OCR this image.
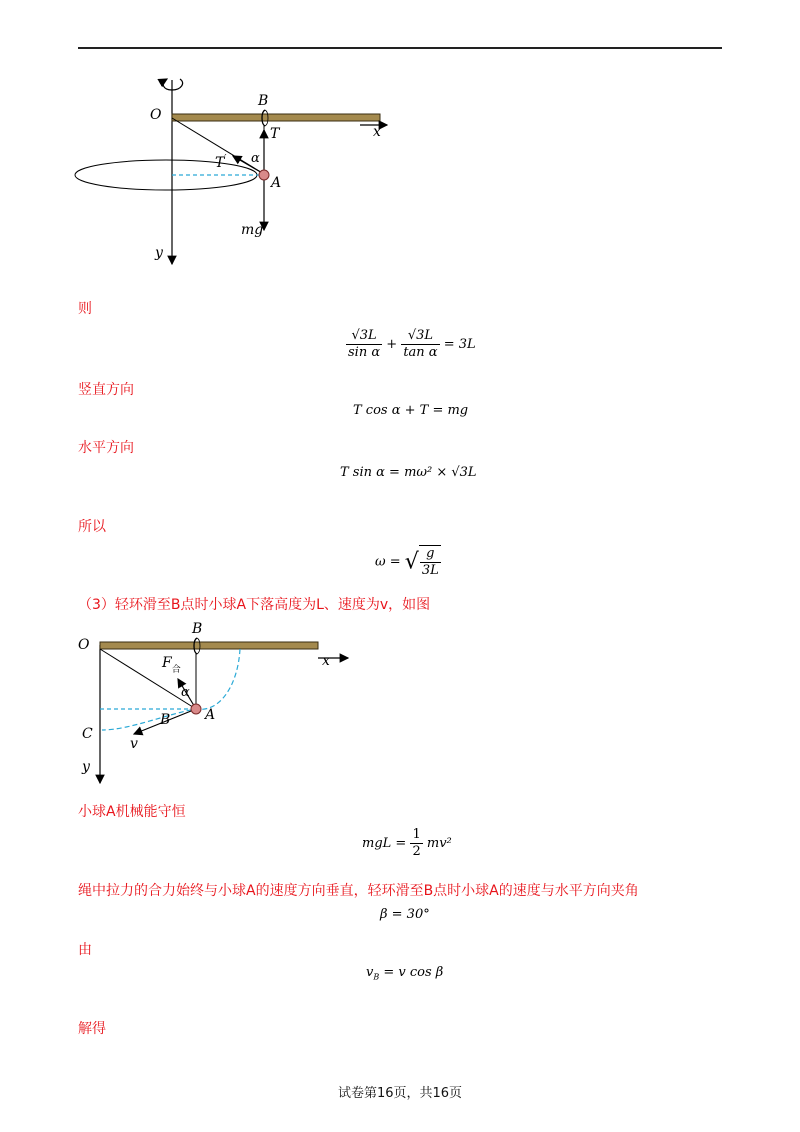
O
B
T
α
T′
A
x
mg
y
则
$\frac{√3L}{\text{sin α}} + \frac{√3L}{\text{tan α}} = 3L$
竖直方向
T cos α + T = mg
水平方向
T sin α = mω² × √3L
所以
ω = √ $\frac{g}{3L}$
（3）轻环滑至B点时小球A下落高度为L、速度为v，如图
O
B
x
$F_合$
α
B A
C
v
y
小球A机械能守恒
mgL = $\frac{1}{2} mv^2$
绳中拉力的合力始终与小球A的速度方向垂直，轻环滑至B点时小球A的速度与水平方向夹角
β = 30°
由
$v_B = v$ cos β
解得
试卷第16页，共16页
